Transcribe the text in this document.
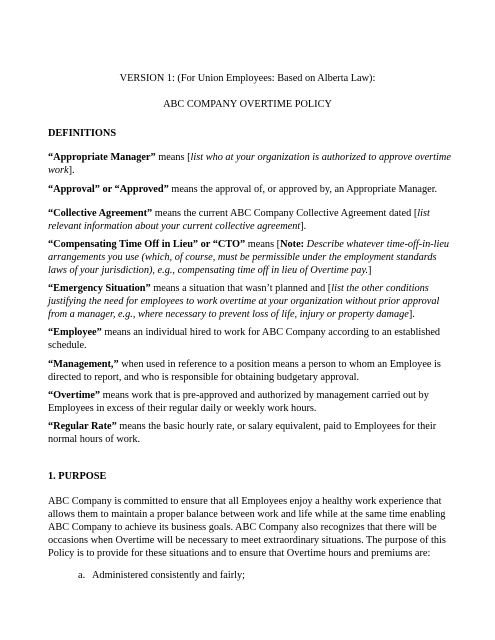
VERSION 1: (For Union Employees: Based on Alberta Law):
ABC COMPANY OVERTIME POLICY
DEFINITIONS
“Appropriate Manager” means [list who at your organization is authorized to approve overtime work].
“Approval” or “Approved” means the approval of, or approved by, an Appropriate Manager.
“Collective Agreement” means the current ABC Company Collective Agreement dated [list relevant information about your current collective agreement].
“Compensating Time Off in Lieu” or “CTO” means [Note: Describe whatever time-off-in-lieu arrangements you use (which, of course, must be permissible under the employment standards laws of your jurisdiction), e.g., compensating time off in lieu of Overtime pay.]
“Emergency Situation” means a situation that wasn’t planned and [list the other conditions justifying the need for employees to work overtime at your organization without prior approval from a manager, e.g., where necessary to prevent loss of life, injury or property damage].
“Employee” means an individual hired to work for ABC Company according to an established schedule.
“Management,” when used in reference to a position means a person to whom an Employee is directed to report, and who is responsible for obtaining budgetary approval.
“Overtime” means work that is pre-approved and authorized by management carried out by Employees in excess of their regular daily or weekly work hours.
“Regular Rate” means the basic hourly rate, or salary equivalent, paid to Employees for their normal hours of work.
1. PURPOSE
ABC Company is committed to ensure that all Employees enjoy a healthy work experience that allows them to maintain a proper balance between work and life while at the same time enabling ABC Company to achieve its business goals. ABC Company also recognizes that there will be occasions when Overtime will be necessary to meet extraordinary situations. The purpose of this Policy is to provide for these situations and to ensure that Overtime hours and premiums are:
a. Administered consistently and fairly;
